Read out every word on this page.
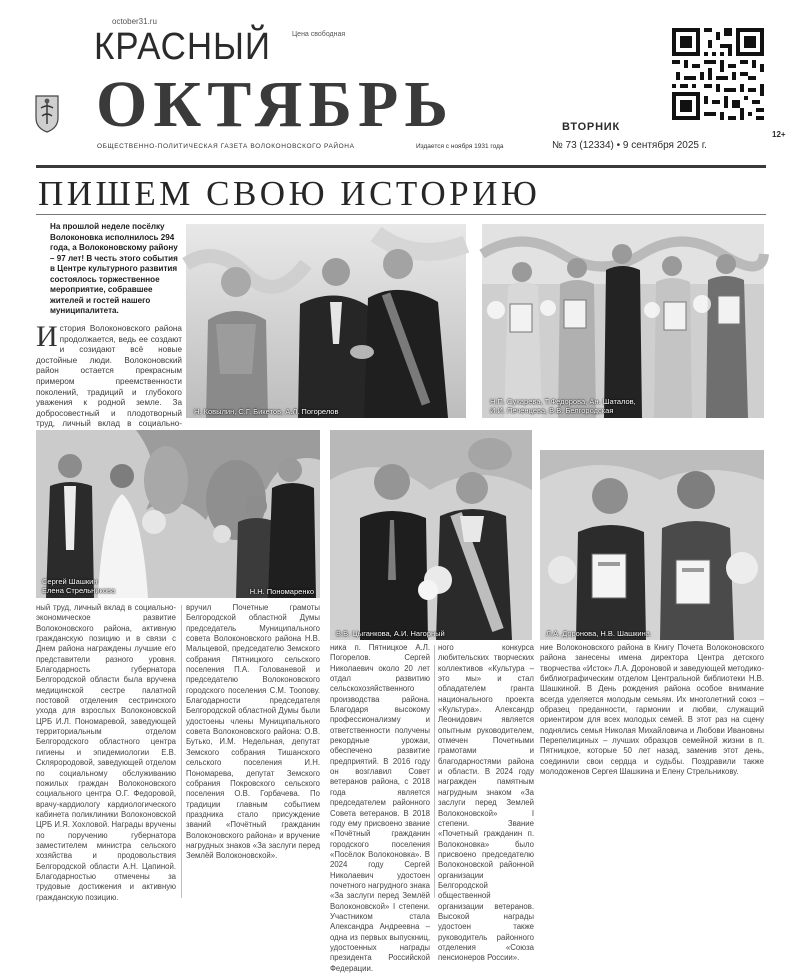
october31.ru
Цена свободная
КРАСНЫЙ
ОКТЯБРЬ
ОБЩЕСТВЕННО-ПОЛИТИЧЕСКАЯ ГАЗЕТА ВОЛОКОНОВСКОГО РАЙОНА	Издается с ноября 1931 года
ВТОРНИК
№ 73 (12334) • 9 сентября 2025 г.
12+
ПИШЕМ СВОЮ ИСТОРИЮ
На прошлой неделе посёлку Волоконовка исполнилось 294 года, а Волоконовскому району – 97 лет! В честь этого события в Центре культурного развития состоялось торжественное мероприятие, собравшее жителей и гостей нашего муниципалитета.
И стория Волоконовского района продолжается, ведь ее создают и созидают всё новые достойные люди. Волоконовский район остается прекрасным примером преемственности поколений, традиций и глубокого уважения к родной земле. За добросовестный и плодотворный труд, личный вклад в социально-
Н. Ковылин, С.Г. Бикетов, А.Л. Погорелов
Н.П. Сухарева, Т.Федорова, Ан. Шаталов,
И.И. Печенцева, В.В. Белгородская
Сергей Шашкин
Елена Стрельникова	Н.Н. Пономаренко
В.В. Цыганкова, А.И. Нагорный	Л.А. Доронова, Н.В. Шашкина
ный труд, личный вклад в социально-экономическое развитие Волоконовского района, активную гражданскую позицию и в связи с Днем района награждены лучшие его представители разного уровня. Благодарность губернатора Белгородской области была вручена медицинской сестре палатной постовой отделения сестринского ухода для взрослых Волоконовской ЦРБ И.Л. Пономаревой, заведующей территориальным отделом Белгородского областного центра гигиены и эпидемиологии Е.В. Склярородовой, заведующей отделом по социальному обслуживанию пожилых граждан Волоконовского социального центра О.Г. Федоровой, врачу-кардиологу кардиологического кабинета поликлиники Волоконовской ЦРБ И.Я. Хохловой. Награды вручены по поручению губернатора заместителем министра сельского хозяйства и продовольствия Белгородской области А.Н. Цапиной. Благодарностью отмечены за трудовые достижения и активную гражданскую позицию.
вручил Почетные грамоты Белгородской областной Думы председатель Муниципального совета Волоконовского района Н.В. Мальцевой, председателю Земского собрания Пятницкого сельского поселения П.А. Голованевой и председателю Волоконовского городского поселения С.М. Тоопову. Благодарности председателя Белгородской областной Думы были удостоены члены Муниципального совета Волоконовского района: О.В. Бутько, И.М. Недельная, депутат Земского собрания Тишанского сельского поселения И.Н. Пономарева, депутат Земского собрания Покровского сельского поселения О.В. Горбачева. По традиции главным событием праздника стало присуждение званий «Почётный гражданин Волоконовского района» и вручение нагрудных знаков «За заслуги перед Землёй Волоконовской».
ника п. Пятницкое А.Л. Погорелов. Сергей Николаевич около 20 лет отдал развитию сельскохозяйственного производства района. Благодаря высокому профессионализму и ответственности получены рекордные урожаи, обеспечено развитие предприятий. В 2016 году он возглавил Совет ветеранов района, с 2018 года является председателем районного Совета ветеранов. В 2018 году ему присвоено звание «Почётный гражданин городского поселения «Посёлок Волоконовка». В 2024 году Сергей Николаевич удостоен почетного нагрудного знака «За заслуги перед Землёй Волоконовской» I степени. Участником стала Александра Андреевна – одна из первых выпускниц, удостоенных награды президента Российской Федерации.
ного конкурса любительских творческих коллективов «Культура – это мы» и стал обладателем гранта национального проекта «Культура». Александр Леонидович является опытным руководителем, отмечен Почетными грамотами и благодарностями района и области. В 2024 году награжден памятным нагрудным знаком «За заслуги перед Землей Волоконовской» I степени. Звание «Почетный гражданин п. Волоконовка» было присвоено председателю Волоконовской районной организации Белгородской общественной организации ветеранов. Высокой награды удостоен также руководитель районного отделения «Союза пенсионеров России».
ние Волоконовского района в Книгу Почета Волоконовского района занесены имена директора Центра детского творчества «Исток» Л.А. Дороновой и заведующей методико-библиографическим отделом Центральной библиотеки Н.В. Шашкиной. В День рождения района особое внимание всегда уделяется молодым семьям. Их многолетний союз – образец преданности, гармонии и любви, служащий ориентиром для всех молодых семей. В этот раз на сцену поднялись семья Николая Михайловича и Любови Ивановны Перепелициных – лучших образцов семейной жизни в п. Пятницкое, которые 50 лет назад, заменив этот день, соединили свои сердца и судьбы. Поздравили также молодоженов Сергея Шашкина и Елену Стрельникову.
